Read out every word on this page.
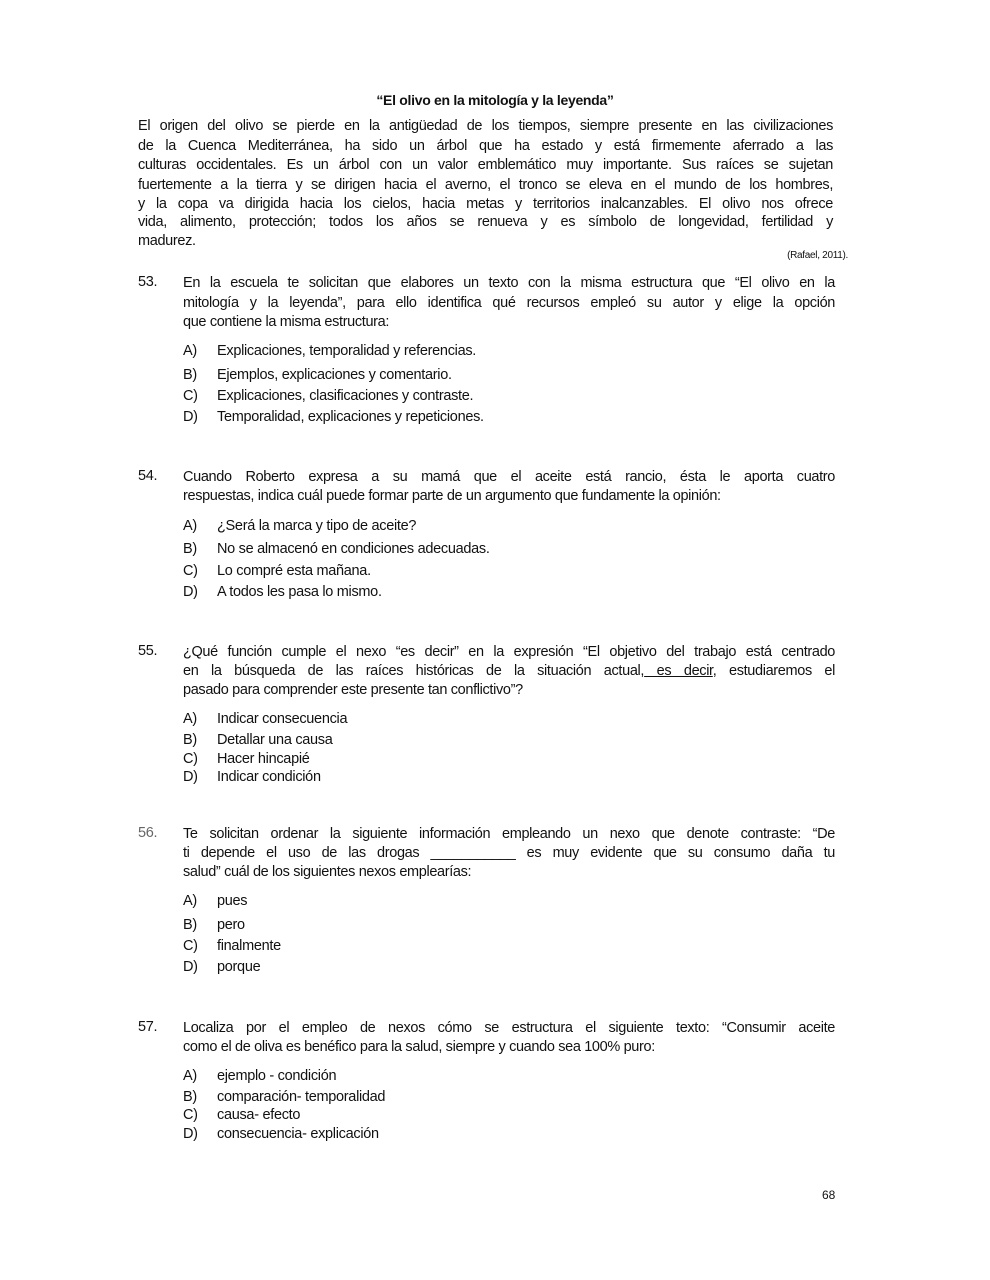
“El olivo en la mitología y la leyenda”
El origen del olivo se pierde en la antigüedad de los tiempos, siempre presente en las civilizaciones
de la Cuenca Mediterránea, ha sido un árbol que ha estado y está firmemente aferrado a las
culturas occidentales. Es un árbol con un valor emblemático muy importante. Sus raíces se sujetan
fuertemente a la tierra y se dirigen hacia el averno, el tronco se eleva en el mundo de los hombres,
y la copa va dirigida hacia los cielos, hacia metas y territorios inalcanzables. El olivo nos ofrece
vida, alimento, protección; todos los años se renueva y es símbolo de longevidad, fertilidad y
madurez.
(Rafael, 2011).
53. En la escuela te solicitan que elabores un texto con la misma estructura que “El olivo en la
mitología y la leyenda”, para ello identifica qué recursos empleó su autor y elige la opción
que contiene la misma estructura:
A) Explicaciones, temporalidad y referencias.
B) Ejemplos, explicaciones y comentario.
C) Explicaciones, clasificaciones y contraste.
D) Temporalidad, explicaciones y repeticiones.
54. Cuando Roberto expresa a su mamá que el aceite está rancio, ésta le aporta cuatro
respuestas, indica cuál puede formar parte de un argumento que fundamente la opinión:
A) ¿Será la marca y tipo de aceite?
B) No se almacenó en condiciones adecuadas.
C) Lo compré esta mañana.
D) A todos les pasa lo mismo.
55. ¿Qué función cumple el nexo “es decir” en la expresión “El objetivo del trabajo está centrado
en la búsqueda de las raíces históricas de la situación actual, es decir, estudiaremos el
pasado para comprender este presente tan conflictivo”?
A) Indicar consecuencia
B) Detallar una causa
C) Hacer hincapié
D) Indicar condición
56. Te solicitan ordenar la siguiente información empleando un nexo que denote contraste: “De
ti depende el uso de las drogas ___________ es muy evidente que su consumo daña tu
salud” cuál de los siguientes nexos emplearías:
A) pues
B) pero
C) finalmente
D) porque
57. Localiza por el empleo de nexos cómo se estructura el siguiente texto: “Consumir aceite
como el de oliva es benéfico para la salud, siempre y cuando sea 100% puro:
A) ejemplo - condición
B) comparación- temporalidad
C) causa- efecto
D) consecuencia- explicación
68
